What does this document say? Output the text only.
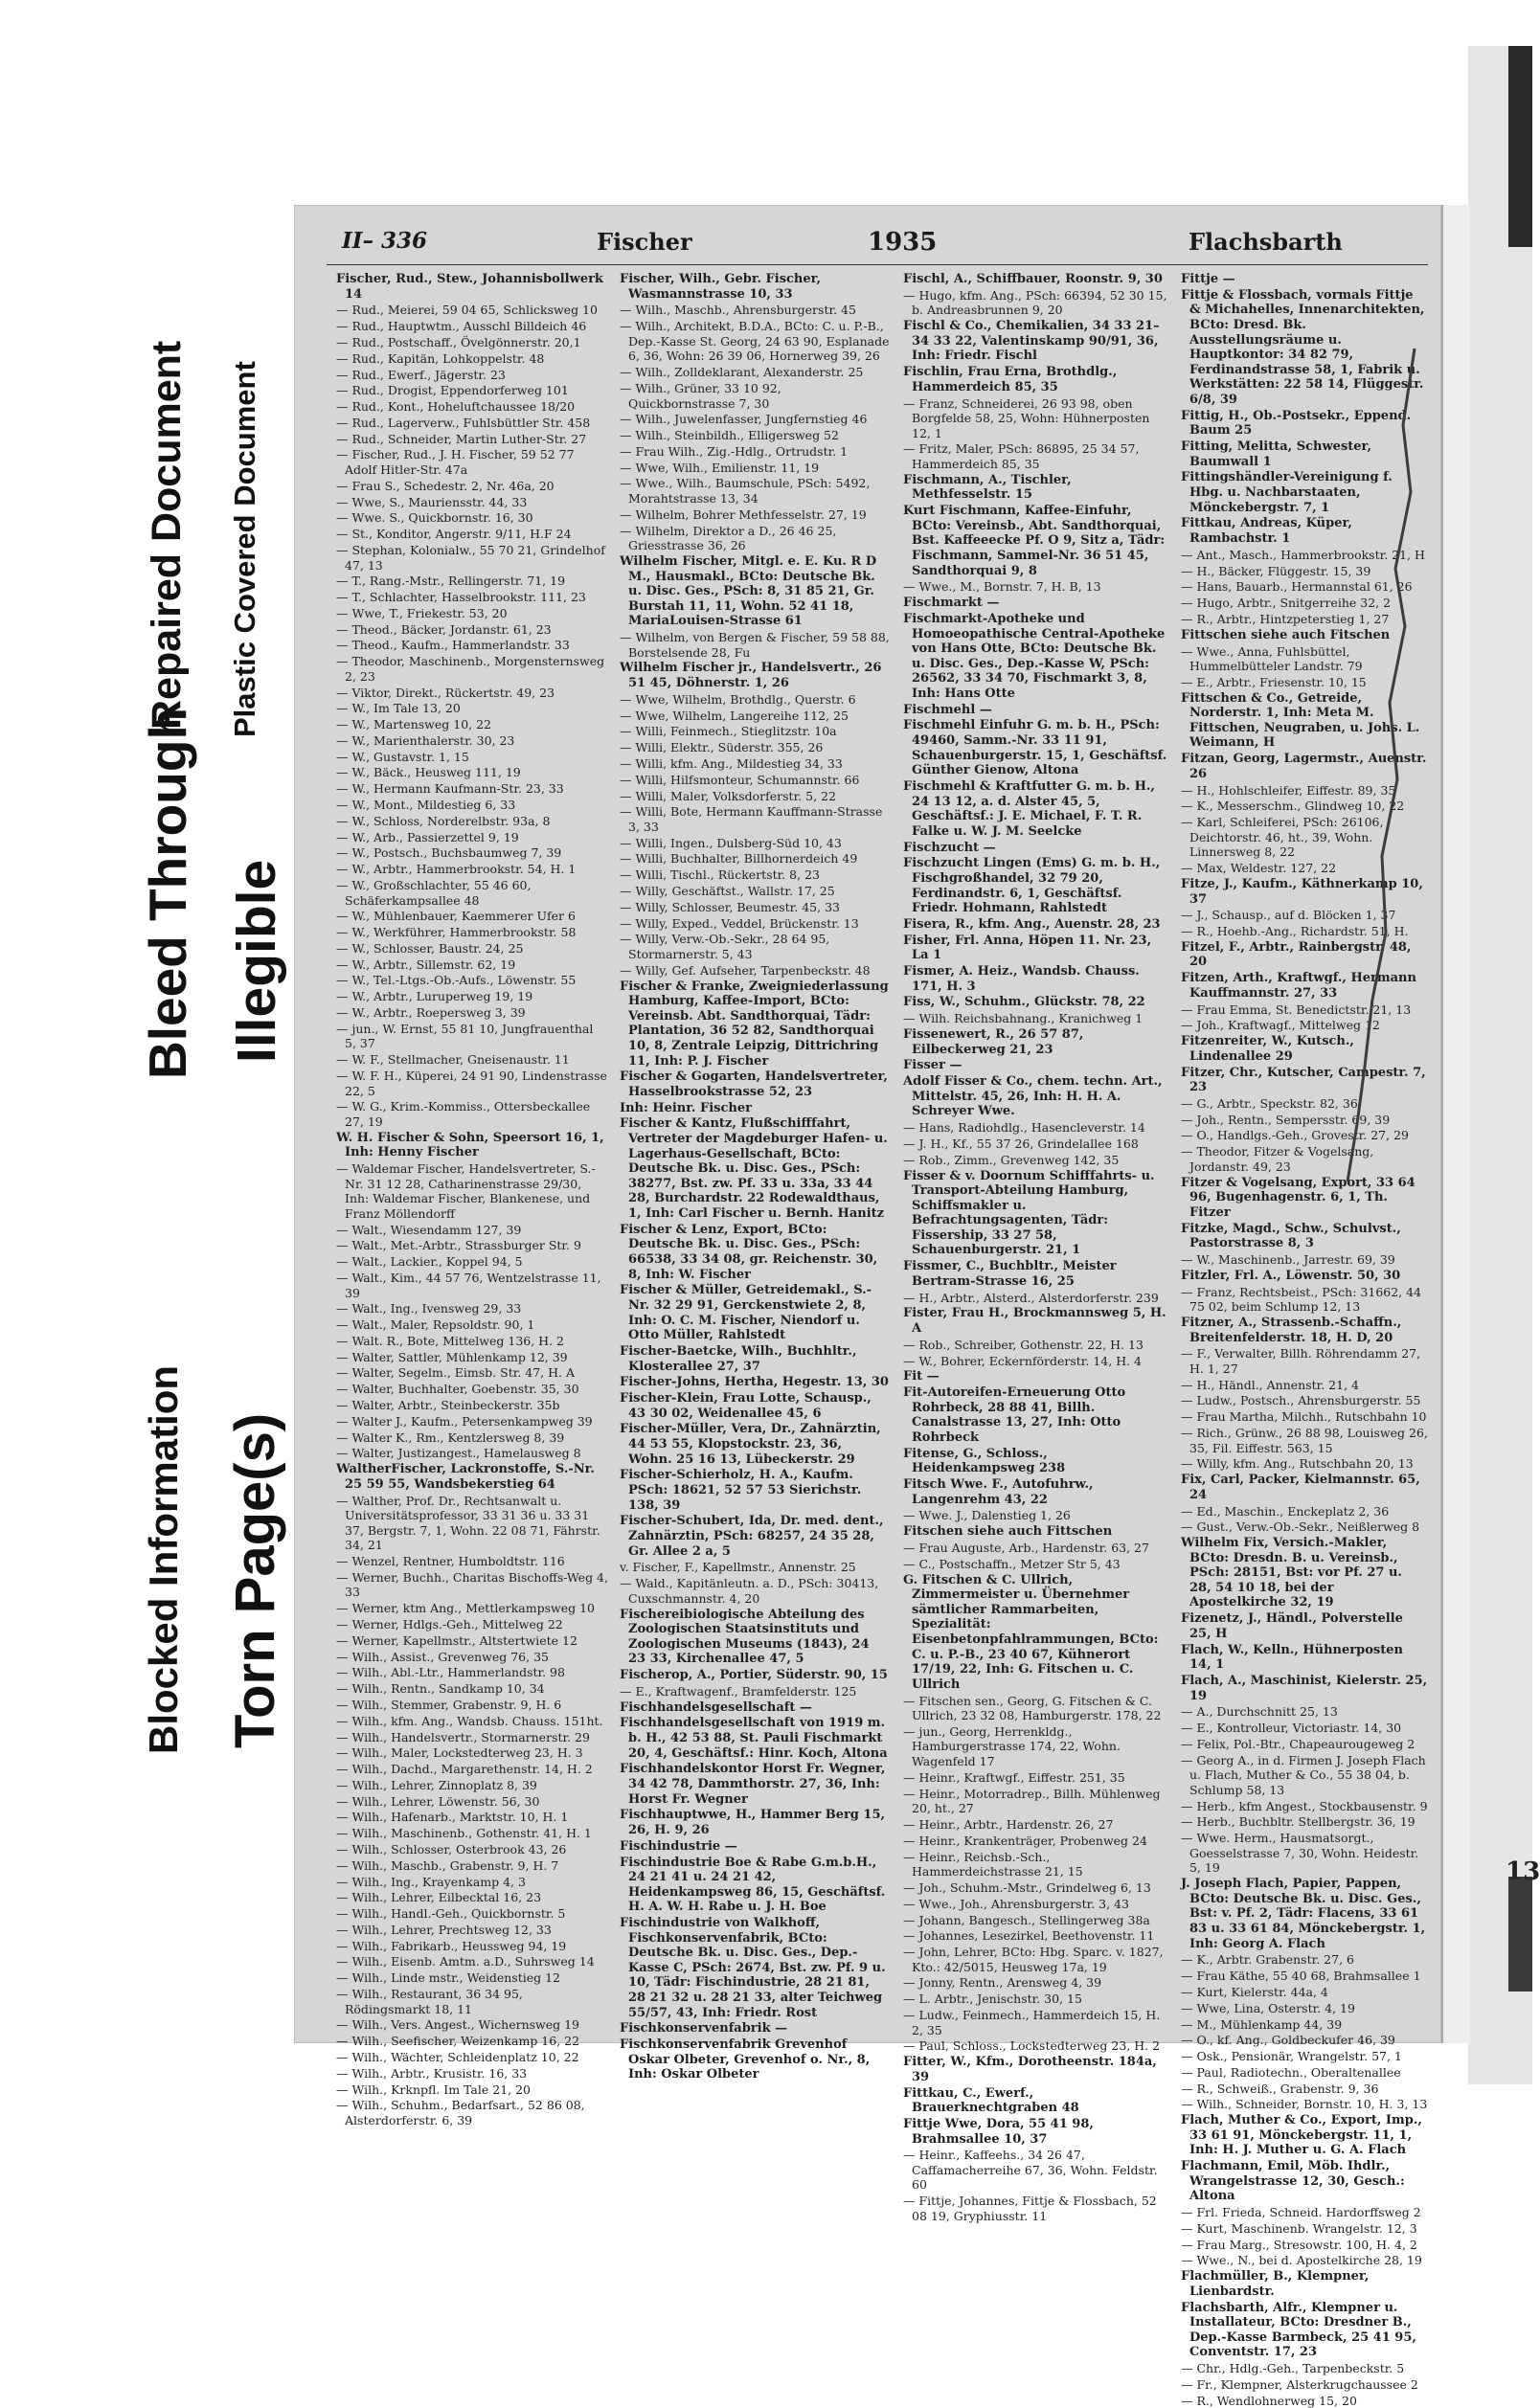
Repaired Document Plastic Covered Document
Bleed Through Illegible
Blocked Information Torn Page(s)
13
II– 336	Fischer	1935	Flachsbarth
Fischer, Rud., Stew., Johannisbollwerk 14
— Rud., Meierei, 59 04 65, Schlicksweg 10
— Rud., Hauptwtm., Ausschl Billdeich 46
— Rud., Postschaff., Övelgönnerstr. 20,1
— Rud., Kapitän, Lohkoppelstr. 48
— Rud., Ewerf., Jägerstr. 23
— Rud., Drogist, Eppendorferweg 101
— Rud., Kont., Hoheluftchaussee 18/20
— Rud., Lagerverw., Fuhlsbüttler Str. 458
— Rud., Schneider, Martin Luther-Str. 27
— Fischer, Rud., J. H. Fischer, 59 52 77 Adolf Hitler-Str. 47a
— Frau S., Schedestr. 2, Nr. 46a, 20
— Wwe, S., Mauriensstr. 44, 33
— Wwe. S., Quickbornstr. 16, 30
— St., Konditor, Angerstr. 9/11, H.F 24
— Stephan, Kolonialw., 55 70 21, Grindelhof 47, 13
— T., Rang.-Mstr., Rellingerstr. 71, 19
— T., Schlachter, Hasselbrookstr. 111, 23
— Wwe, T., Friekestr. 53, 20
— Theod., Bäcker, Jordanstr. 61, 23
— Theod., Kaufm., Hammerlandstr. 33
— Theodor, Maschinenb., Morgensternsweg 2, 23
— Viktor, Direkt., Rückertstr. 49, 23
— W., Im Tale 13, 20
— W., Martensweg 10, 22
— W., Marienthalerstr. 30, 23
— W., Gustavstr. 1, 15
— W., Bäck., Heusweg 111, 19
— W., Hermann Kaufmann-Str. 23, 33
— W., Mont., Mildestieg 6, 33
— W., Schloss, Norderelbstr. 93a, 8
— W., Arb., Passierzettel 9, 19
— W., Postsch., Buchsbaumweg 7, 39
— W., Arbtr., Hammerbrookstr. 54, H. 1
— W., Großschlachter, 55 46 60, Schäferkampsallee 48
— W., Mühlenbauer, Kaemmerer Ufer 6
— W., Werkführer, Hammerbrookstr. 58
— W., Schlosser, Baustr. 24, 25
— W., Arbtr., Sillemstr. 62, 19
— W., Tel.-Ltgs.-Ob.-Aufs., Löwenstr. 55
— W., Arbtr., Luruperweg 19, 19
— W., Arbtr., Roepersweg 3, 39
— jun., W. Ernst, 55 81 10, Jungfrauenthal 5, 37
— W. F., Stellmacher, Gneisenaustr. 11
— W. F. H., Küperei, 24 91 90, Lindenstrasse 22, 5
— W. G., Krim.-Kommiss., Ottersbeckallee 27, 19
W. H. Fischer & Sohn, Speersort 16, 1, Inh: Henny Fischer
— Waldemar Fischer, Handelsvertreter, S.-Nr. 31 12 28, Catharinenstrasse 29/30, Inh: Waldemar Fischer, Blankenese, und Franz Möllendorff
— Walt., Wiesendamm 127, 39
— Walt., Met.-Arbtr., Strassburger Str. 9
— Walt., Lackier., Koppel 94, 5
— Walt., Kim., 44 57 76, Wentzelstrasse 11, 39
— Walt., Ing., Ivensweg 29, 33
— Walt., Maler, Repsoldstr. 90, 1
— Walt. R., Bote, Mittelweg 136, H. 2
— Walter, Sattler, Mühlenkamp 12, 39
— Walter, Segelm., Eimsb. Str. 47, H. A
— Walter, Buchhalter, Goebenstr. 35, 30
— Walter, Arbtr., Steinbeckerstr. 35b
— Walter J., Kaufm., Petersenkampweg 39
— Walter K., Rm., Kentzlersweg 8, 39
— Walter, Justizangest., Hamelausweg 8
WaltherFischer, Lackronstoffe, S.-Nr. 25 59 55, Wandsbekerstieg 64
— Walther, Prof. Dr., Rechtsanwalt u. Universitätsprofessor, 33 31 36 u. 33 31 37, Bergstr. 7, 1, Wohn. 22 08 71, Fährstr. 34, 21
— Wenzel, Rentner, Humboldtstr. 116
— Werner, Buchh., Charitas Bischoffs-Weg 4, 33
— Werner, ktm Ang., Mettlerkampsweg 10
— Werner, Hdlgs.-Geh., Mittelweg 22
— Werner, Kapellmstr., Altstertwiete 12
— Wilh., Assist., Grevenweg 76, 35
— Wilh., Abl.-Ltr., Hammerlandstr. 98
— Wilh., Rentn., Sandkamp 10, 34
— Wilh., Stemmer, Grabenstr. 9, H. 6
— Wilh., kfm. Ang., Wandsb. Chauss. 151ht.
— Wilh., Handelsvertr., Stormarnerstr. 29
— Wilh., Maler, Lockstedterweg 23, H. 3
— Wilh., Dachd., Margarethenstr. 14, H. 2
— Wilh., Lehrer, Zinnoplatz 8, 39
— Wilh., Lehrer, Löwenstr. 56, 30
— Wilh., Hafenarb., Marktstr. 10, H. 1
— Wilh., Maschinenb., Gothenstr. 41, H. 1
— Wilh., Schlosser, Osterbrook 43, 26
— Wilh., Maschb., Grabenstr. 9, H. 7
— Wilh., Ing., Krayenkamp 4, 3
— Wilh., Lehrer, Eilbecktal 16, 23
— Wilh., Handl.-Geh., Quickbornstr. 5
— Wilh., Lehrer, Prechtsweg 12, 33
— Wilh., Fabrikarb., Heussweg 94, 19
— Wilh., Eisenb. Amtm. a.D., Suhrsweg 14
— Wilh., Linde mstr., Weidenstieg 12
— Wilh., Restaurant, 36 34 95, Rödingsmarkt 18, 11
— Wilh., Vers. Angest., Wichernsweg 19
— Wilh., Seefischer, Weizenkamp 16, 22
— Wilh., Wächter, Schleidenplatz 10, 22
— Wilh., Arbtr., Krusistr. 16, 33
— Wilh., Krknpfl. Im Tale 21, 20
— Wilh., Schuhm., Bedarfsart., 52 86 08, Alsterdorferstr. 6, 39
Fischer, Wilh., Gebr. Fischer, Wasmannstrasse 10, 33
— Wilh., Maschb., Ahrensburgerstr. 45
— Wilh., Architekt, B.D.A., BCto: C. u. P.-B., Dep.-Kasse St. Georg, 24 63 90, Esplanade 6, 36, Wohn: 26 39 06, Hornerweg 39, 26
— Wilh., Zolldeklarant, Alexanderstr. 25
— Wilh., Grüner, 33 10 92, Quickbornstrasse 7, 30
— Wilh., Juwelenfasser, Jungfernstieg 46
— Wilh., Steinbildh., Elligersweg 52
— Frau Wilh., Zig.-Hdlg., Ortrudstr. 1
— Wwe, Wilh., Emilienstr. 11, 19
— Wwe., Wilh., Baumschule, PSch: 5492, Morahtstrasse 13, 34
— Wilhelm, Bohrer Methfesselstr. 27, 19
— Wilhelm, Direktor a D., 26 46 25, Griesstrasse 36, 26
Wilhelm Fischer, Mitgl. e. E. Ku. R D M., Hausmakl., BCto: Deutsche Bk. u. Disc. Ges., PSch: 8, 31 85 21, Gr. Burstah 11, 11, Wohn. 52 41 18, MariaLouisen-Strasse 61
— Wilhelm, von Bergen & Fischer, 59 58 88, Borstelsende 28, Fu
Wilhelm Fischer jr., Handelsvertr., 26 51 45, Döhnerstr. 1, 26
— Wwe, Wilhelm, Brothdlg., Querstr. 6
— Wwe, Wilhelm, Langereihe 112, 25
— Willi, Feinmech., Stieglitzstr. 10a
— Willi, Elektr., Süderstr. 355, 26
— Willi, kfm. Ang., Mildestieg 34, 33
— Willi, Hilfsmonteur, Schumannstr. 66
— Willi, Maler, Volksdorferstr. 5, 22
— Willi, Bote, Hermann Kauffmann-Strasse 3, 33
— Willi, Ingen., Dulsberg-Süd 10, 43
— Willi, Buchhalter, Billhornerdeich 49
— Willi, Tischl., Rückertstr. 8, 23
— Willy, Geschäftst., Wallstr. 17, 25
— Willy, Schlosser, Beumestr. 45, 33
— Willy, Exped., Veddel, Brückenstr. 13
— Willy, Verw.-Ob.-Sekr., 28 64 95, Stormarnerstr. 5, 43
— Willy, Gef. Aufseher, Tarpenbeckstr. 48
Fischer & Franke, Zweigniederlassung Hamburg, Kaffee-Import, BCto: Vereinsb. Abt. Sandthorquai, Tädr: Plantation, 36 52 82, Sandthorquai 10, 8, Zentrale Leipzig, Dittrichring 11, Inh: P. J. Fischer
Fischer & Gogarten, Handelsvertreter, Hasselbrookstrasse 52, 23
Inh: Heinr. Fischer
Fischer & Kantz, Flußschifffahrt, Vertreter der Magdeburger Hafen- u. Lagerhaus-Gesellschaft, BCto: Deutsche Bk. u. Disc. Ges., PSch: 38277, Bst. zw. Pf. 33 u. 33a, 33 44 28, Burchardstr. 22 Rodewaldthaus, 1, Inh: Carl Fischer u. Bernh. Hanitz
Fischer & Lenz, Export, BCto: Deutsche Bk. u. Disc. Ges., PSch: 66538, 33 34 08, gr. Reichenstr. 30, 8, Inh: W. Fischer
Fischer & Müller, Getreidemakl., S.-Nr. 32 29 91, Gerckenstwiete 2, 8, Inh: O. C. M. Fischer, Niendorf u. Otto Müller, Rahlstedt
Fischer-Baetcke, Wilh., Buchhltr., Klosterallee 27, 37
Fischer-Johns, Hertha, Hegestr. 13, 30
Fischer-Klein, Frau Lotte, Schausp., 43 30 02, Weidenallee 45, 6
Fischer-Müller, Vera, Dr., Zahnärztin, 44 53 55, Klopstockstr. 23, 36, Wohn. 25 16 13, Lübeckerstr. 29
Fischer-Schierholz, H. A., Kaufm. PSch: 18621, 52 57 53 Sierichstr. 138, 39
Fischer-Schubert, Ida, Dr. med. dent., Zahnärztin, PSch: 68257, 24 35 28, Gr. Allee 2 a, 5
v. Fischer, F., Kapellmstr., Annenstr. 25
— Wald., Kapitänleutn. a. D., PSch: 30413, Cuxschmannstr. 4, 20
Fischereibiologische Abteilung des Zoologischen Staatsinstituts und Zoologischen Museums (1843), 24 23 33, Kirchenallee 47, 5
Fischerop, A., Portier, Süderstr. 90, 15
— E., Kraftwagenf., Bramfelderstr. 125
Fischhandelsgesellschaft —
Fischhandelsgesellschaft von 1919 m. b. H., 42 53 88, St. Pauli Fischmarkt 20, 4, Geschäftsf.: Hinr. Koch, Altona
Fischhandelskontor Horst Fr. Wegner, 34 42 78, Dammthorstr. 27, 36, Inh: Horst Fr. Wegner
Fischhauptwwe, H., Hammer Berg 15, 26, H. 9, 26
Fischindustrie —
Fischindustrie Boe & Rabe G.m.b.H., 24 21 41 u. 24 21 42, Heidenkampsweg 86, 15, Geschäftsf. H. A. W. H. Rabe u. J. H. Boe
Fischindustrie von Walkhoff, Fischkonservenfabrik, BCto: Deutsche Bk. u. Disc. Ges., Dep.-Kasse C, PSch: 2674, Bst. zw. Pf. 9 u. 10, Tädr: Fischindustrie, 28 21 81, 28 21 32 u. 28 21 33, alter Teichweg 55/57, 43, Inh: Friedr. Rost
Fischkonservenfabrik —
Fischkonservenfabrik Grevenhof Oskar Olbeter, Grevenhof o. Nr., 8, Inh: Oskar Olbeter
Fischl, A., Schiffbauer, Roonstr. 9, 30
— Hugo, kfm. Ang., PSch: 66394, 52 30 15, b. Andreasbrunnen 9, 20
Fischl & Co., Chemikalien, 34 33 21–34 33 22, Valentinskamp 90/91, 36, Inh: Friedr. Fischl
Fischlin, Frau Erna, Brothdlg., Hammerdeich 85, 35
— Franz, Schneiderei, 26 93 98, oben Borgfelde 58, 25, Wohn: Hühnerposten 12, 1
— Fritz, Maler, PSch: 86895, 25 34 57, Hammerdeich 85, 35
Fischmann, A., Tischler, Methfesselstr. 15
Kurt Fischmann, Kaffee-Einfuhr, BCto: Vereinsb., Abt. Sandthorquai, Bst. Kaffeeecke Pf. O 9, Sitz a, Tädr: Fischmann, Sammel-Nr. 36 51 45, Sandthorquai 9, 8
— Wwe., M., Bornstr. 7, H. B, 13
Fischmarkt —
Fischmarkt-Apotheke und Homoeopathische Central-Apotheke von Hans Otte, BCto: Deutsche Bk. u. Disc. Ges., Dep.-Kasse W, PSch: 26562, 33 34 70, Fischmarkt 3, 8, Inh: Hans Otte
Fischmehl —
Fischmehl Einfuhr G. m. b. H., PSch: 49460, Samm.-Nr. 33 11 91, Schauenburgerstr. 15, 1, Geschäftsf. Günther Gienow, Altona
Fischmehl & Kraftfutter G. m. b. H., 24 13 12, a. d. Alster 45, 5, Geschäftsf.: J. E. Michael, F. T. R. Falke u. W. J. M. Seelcke
Fischzucht —
Fischzucht Lingen (Ems) G. m. b. H., Fischgroßhandel, 32 79 20, Ferdinandstr. 6, 1, Geschäftsf. Friedr. Hohmann, Rahlstedt
Fisera, R., kfm. Ang., Auenstr. 28, 23
Fisher, Frl. Anna, Höpen 11. Nr. 23, La 1
Fismer, A. Heiz., Wandsb. Chauss. 171, H. 3
Fiss, W., Schuhm., Glückstr. 78, 22
— Wilh. Reichsbahnang., Kranichweg 1
Fissenewert, R., 26 57 87, Eilbeckerweg 21, 23
Fisser —
Adolf Fisser & Co., chem. techn. Art., Mittelstr. 45, 26, Inh: H. H. A. Schreyer Wwe.
— Hans, Radiohdlg., Hasencleverstr. 14
— J. H., Kf., 55 37 26, Grindelallee 168
— Rob., Zimm., Grevenweg 142, 35
Fisser & v. Doornum Schifffahrts- u. Transport-Abteilung Hamburg, Schiffsmakler u. Befrachtungsagenten, Tädr: Fissership, 33 27 58, Schauenburgerstr. 21, 1
Fissmer, C., Buchbltr., Meister Bertram-Strasse 16, 25
— H., Arbtr., Alsterd., Alsterdorferstr. 239
Fister, Frau H., Brockmannsweg 5, H. A
— Rob., Schreiber, Gothenstr. 22, H. 13
— W., Bohrer, Eckernförderstr. 14, H. 4
Fit —
Fit-Autoreifen-Erneuerung Otto Rohrbeck, 28 88 41, Billh. Canalstrasse 13, 27, Inh: Otto Rohrbeck
Fitense, G., Schloss., Heidenkampsweg 238
Fitsch Wwe. F., Autofuhrw., Langenrehm 43, 22
— Wwe. J., Dalenstieg 1, 26
Fitschen siehe auch Fittschen
— Frau Auguste, Arb., Hardenstr. 63, 27
— C., Postschaffn., Metzer Str 5, 43
G. Fitschen & C. Ullrich, Zimmermeister u. Übernehmer sämtlicher Rammarbeiten, Spezialität: Eisenbetonpfahlrammungen, BCto: C. u. P.-B., 23 40 67, Kühnerort 17/19, 22, Inh: G. Fitschen u. C. Ullrich
— Fitschen sen., Georg, G. Fitschen & C. Ullrich, 23 32 08, Hamburgerstr. 178, 22
— jun., Georg, Herrenkldg., Hamburgerstrasse 174, 22, Wohn. Wagenfeld 17
— Heinr., Kraftwgf., Eiffestr. 251, 35
— Heinr., Motorradrep., Billh. Mühlenweg 20, ht., 27
— Heinr., Arbtr., Hardenstr. 26, 27
— Heinr., Krankenträger, Probenweg 24
— Heinr., Reichsb.-Sch., Hammerdeichstrasse 21, 15
— Joh., Schuhm.-Mstr., Grindelweg 6, 13
— Wwe., Joh., Ahrensburgerstr. 3, 43
— Johann, Bangesch., Stellingerweg 38a
— Johannes, Lesezirkel, Beethovenstr. 11
— John, Lehrer, BCto: Hbg. Sparc. v. 1827, Kto.: 42/5015, Heusweg 17a, 19
— Jonny, Rentn., Arensweg 4, 39
— L. Arbtr., Jenischstr. 30, 15
— Ludw., Feinmech., Hammerdeich 15, H. 2, 35
— Paul, Schloss., Lockstedterweg 23, H. 2
Fitter, W., Kfm., Dorotheenstr. 184a, 39
Fittkau, C., Ewerf., Brauerknechtgraben 48
Fittje Wwe, Dora, 55 41 98, Brahmsallee 10, 37
— Heinr., Kaffeehs., 34 26 47, Caffamacherreihe 67, 36, Wohn. Feldstr. 60
— Fittje, Johannes, Fittje & Flossbach, 52 08 19, Gryphiusstr. 11
Fittje —
Fittje & Flossbach, vormals Fittje & Michahelles, Innenarchitekten, BCto: Dresd. Bk. Ausstellungsräume u. Hauptkontor: 34 82 79, Ferdinandstrasse 58, 1, Fabrik u. Werkstätten: 22 58 14, Flüggestr. 6/8, 39
Fittig, H., Ob.-Postsekr., Eppend. Baum 25
Fitting, Melitta, Schwester, Baumwall 1
Fittingshändler-Vereinigung f. Hbg. u. Nachbarstaaten, Mönckebergstr. 7, 1
Fittkau, Andreas, Küper, Rambachstr. 1
— Ant., Masch., Hammerbrookstr. 21, H
— H., Bäcker, Flüggestr. 15, 39
— Hans, Bauarb., Hermannstal 61, 26
— Hugo, Arbtr., Snitgerreihe 32, 2
— R., Arbtr., Hintzpeterstieg 1, 27
Fittschen siehe auch Fitschen
— Wwe., Anna, Fuhlsbüttel, Hummelbütteler Landstr. 79
— E., Arbtr., Friesenstr. 10, 15
Fittschen & Co., Getreide, Norderstr. 1, Inh: Meta M. Fittschen, Neugraben, u. Johs. L. Weimann, H
Fitzan, Georg, Lagermstr., Auenstr. 26
— H., Hohlschleifer, Eiffestr. 89, 35
— K., Messerschm., Glindweg 10, 22
— Karl, Schleiferei, PSch: 26106, Deichtorstr. 46, ht., 39, Wohn. Linnersweg 8, 22
— Max, Weldestr. 127, 22
Fitze, J., Kaufm., Käthnerkamp 10, 37
— J., Schausp., auf d. Blöcken 1, 37
— R., Hoehb.-Ang., Richardstr. 51, H.
Fitzel, F., Arbtr., Rainbergstr. 48, 20
Fitzen, Arth., Kraftwgf., Hermann Kauffmannstr. 27, 33
— Frau Emma, St. Benedictstr. 21, 13
— Joh., Kraftwagf., Mittelweg 12
Fitzenreiter, W., Kutsch., Lindenallee 29
Fitzer, Chr., Kutscher, Campestr. 7, 23
— G., Arbtr., Speckstr. 82, 36
— Joh., Rentn., Sempersstr. 69, 39
— O., Handlgs.-Geh., Grovestr. 27, 29
— Theodor, Fitzer & Vogelsang, Jordanstr. 49, 23
Fitzer & Vogelsang, Export, 33 64 96, Bugenhagenstr. 6, 1, Th. Fitzer
Fitzke, Magd., Schw., Schulvst., Pastorstrasse 8, 3
— W., Maschinenb., Jarrestr. 69, 39
Fitzler, Frl. A., Löwenstr. 50, 30
— Franz, Rechtsbeist., PSch: 31662, 44 75 02, beim Schlump 12, 13
Fitzner, A., Strassenb.-Schaffn., Breitenfelderstr. 18, H. D, 20
— F., Verwalter, Billh. Röhrendamm 27, H. 1, 27
— H., Händl., Annenstr. 21, 4
— Ludw., Postsch., Ahrensburgerstr. 55
— Frau Martha, Milchh., Rutschbahn 10
— Rich., Grünw., 26 88 98, Louisweg 26, 35, Fil. Eiffestr. 563, 15
— Willy, kfm. Ang., Rutschbahn 20, 13
Fix, Carl, Packer, Kielmannstr. 65, 24
— Ed., Maschin., Enckeplatz 2, 36
— Gust., Verw.-Ob.-Sekr., Neißlerweg 8
Wilhelm Fix, Versich.-Makler, BCto: Dresdn. B. u. Vereinsb., PSch: 28151, Bst: vor Pf. 27 u. 28, 54 10 18, bei der Apostelkirche 32, 19
Fizenetz, J., Händl., Polverstelle 25, H
Flach, W., Kelln., Hühnerposten 14, 1
Flach, A., Maschinist, Kielerstr. 25, 19
— A., Durchschnitt 25, 13
— E., Kontrolleur, Victoriastr. 14, 30
— Felix, Pol.-Btr., Chapeaurougeweg 2
— Georg A., in d. Firmen J. Joseph Flach u. Flach, Muther & Co., 55 38 04, b. Schlump 58, 13
— Herb., kfm Angest., Stockbausenstr. 9
— Herb., Buchbltr. Stellbergstr. 36, 19
— Wwe. Herm., Hausmatsorgt., Goesselstrasse 7, 30, Wohn. Heidestr. 5, 19
J. Joseph Flach, Papier, Pappen, BCto: Deutsche Bk. u. Disc. Ges., Bst: v. Pf. 2, Tädr: Flacens, 33 61 83 u. 33 61 84, Mönckebergstr. 1, Inh: Georg A. Flach
— K., Arbtr. Grabenstr. 27, 6
— Frau Käthe, 55 40 68, Brahmsallee 1
— Kurt, Kielerstr. 44a, 4
— Wwe, Lina, Osterstr. 4, 19
— M., Mühlenkamp 44, 39
— O., kf. Ang., Goldbeckufer 46, 39
— Osk., Pensionär, Wrangelstr. 57, 1
— Paul, Radiotechn., Oberaltenallee
— R., Schweiß., Grabenstr. 9, 36
— Wilh., Schneider, Bornstr. 10, H. 3, 13
Flach, Muther & Co., Export, Imp., 33 61 91, Mönckebergstr. 11, 1, Inh: H. J. Muther u. G. A. Flach
Flachmann, Emil, Möb. Ihdlr., Wrangelstrasse 12, 30, Gesch.: Altona
— Frl. Frieda, Schneid. Hardorffsweg 2
— Kurt, Maschinenb. Wrangelstr. 12, 3
— Frau Marg., Stresowstr. 100, H. 4, 2
— Wwe., N., bei d. Apostelkirche 28, 19
Flachmüller, B., Klempner, Lienbardstr.
Flachsbarth, Alfr., Klempner u. Installateur, BCto: Dresdner B., Dep.-Kasse Barmbeck, 25 41 95, Conventstr. 17, 23
— Chr., Hdlg.-Geh., Tarpenbeckstr. 5
— Fr., Klempner, Alsterkrugchaussee 2
— R., Wendlohnerweg 15, 20
